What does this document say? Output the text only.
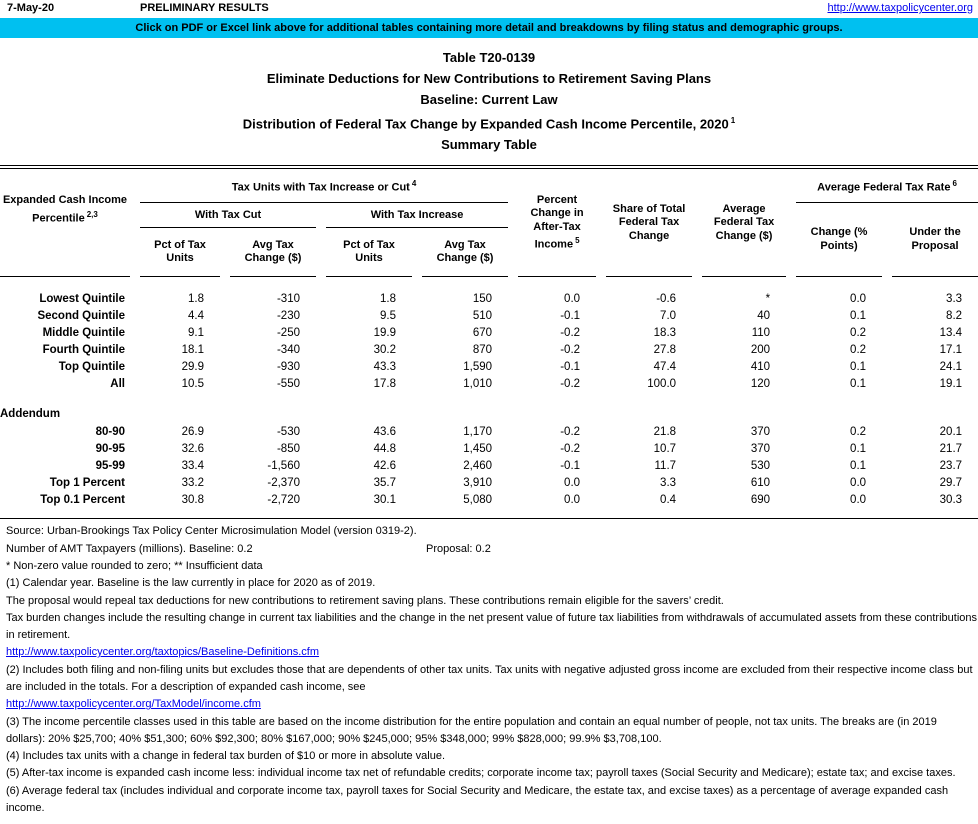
7-May-20	PRELIMINARY RESULTS	http://www.taxpolicycenter.org
Click on PDF or Excel link above for additional tables containing more detail and breakdowns by filing status and demographic groups.

Table T20-0139

Eliminate Deductions for New Contributions to Retirement Saving Plans

Baseline: Current Law

Distribution of Federal Tax Change by Expanded Cash Income Percentile, 2020 $^1$

Summary Table

Expanded Cash Income
Percentile $^{2,3}$	Tax Units with Tax Increase or Cut $^4$				Percent
Change in
After-Tax
Income $^5$	Share of Total
Federal Tax
Change	Average
Federal Tax
Change ($)	Average Federal Tax Rate $^6$
	With Tax Cut		With Tax Increase					Change (%
Points)	Under the
Proposal
	Pct of Tax
Units	Avg Tax
Change ($)	Pct of Tax
Units	Avg Tax
Change ($)					

Lowest Quintile	1.8	-310	1.8	150	0.0	-0.6	*	0.0	3.3
Second Quintile	4.4	-230	9.5	510	-0.1	7.0	40	0.1	8.2
Middle Quintile	9.1	-250	19.9	670	-0.2	18.3	110	0.2	13.4
Fourth Quintile	18.1	-340	30.2	870	-0.2	27.8	200	0.2	17.1
Top Quintile	29.9	-930	43.3	1,590	-0.1	47.4	410	0.1	24.1
All	10.5	-550	17.8	1,010	-0.2	100.0	120	0.1	19.1

Addendum									
80-90	26.9	-530	43.6	1,170	-0.2	21.8	370	0.2	20.1
90-95	32.6	-850	44.8	1,450	-0.2	10.7	370	0.1	21.7
95-99	33.4	-1,560	42.6	2,460	-0.1	11.7	530	0.1	23.7
Top 1 Percent	33.2	-2,370	35.7	3,910	0.0	3.3	610	0.0	29.7
Top 0.1 Percent	30.8	-2,720	30.1	5,080	0.0	0.4	690	0.0	30.3

Source: Urban-Brookings Tax Policy Center Microsimulation Model (version 0319-2).

Number of AMT Taxpayers (millions). Baseline: 0.2	Proposal: 0.2

* Non-zero value rounded to zero; ** Insufficient data

(1) Calendar year. Baseline is the law currently in place for 2020 as of 2019.

The proposal would repeal tax deductions for new contributions to retirement saving plans. These contributions remain eligible for the savers’ credit.

Tax burden changes include the resulting change in current tax liabilities and the change in the net present value of future tax liabilities from withdrawals of accumulated assets from these contributions in retirement.

http://www.taxpolicycenter.org/taxtopics/Baseline-Definitions.cfm

(2) Includes both filing and non-filing units but excludes those that are dependents of other tax units. Tax units with negative adjusted gross income are excluded from their respective income class but are included in the totals. For a description of expanded cash income, see

http://www.taxpolicycenter.org/TaxModel/income.cfm

(3) The income percentile classes used in this table are based on the income distribution for the entire population and contain an equal number of people, not tax units. The breaks are (in 2019 dollars): 20% $25,700; 40% $51,300; 60% $92,300; 80% $167,000; 90% $245,000; 95% $348,000; 99% $828,000; 99.9% $3,708,100.

(4) Includes tax units with a change in federal tax burden of $10 or more in absolute value.

(5) After-tax income is expanded cash income less: individual income tax net of refundable credits; corporate income tax; payroll taxes (Social Security and Medicare); estate tax; and excise taxes.

(6) Average federal tax (includes individual and corporate income tax, payroll taxes for Social Security and Medicare, the estate tax, and excise taxes) as a percentage of average expanded cash income.
